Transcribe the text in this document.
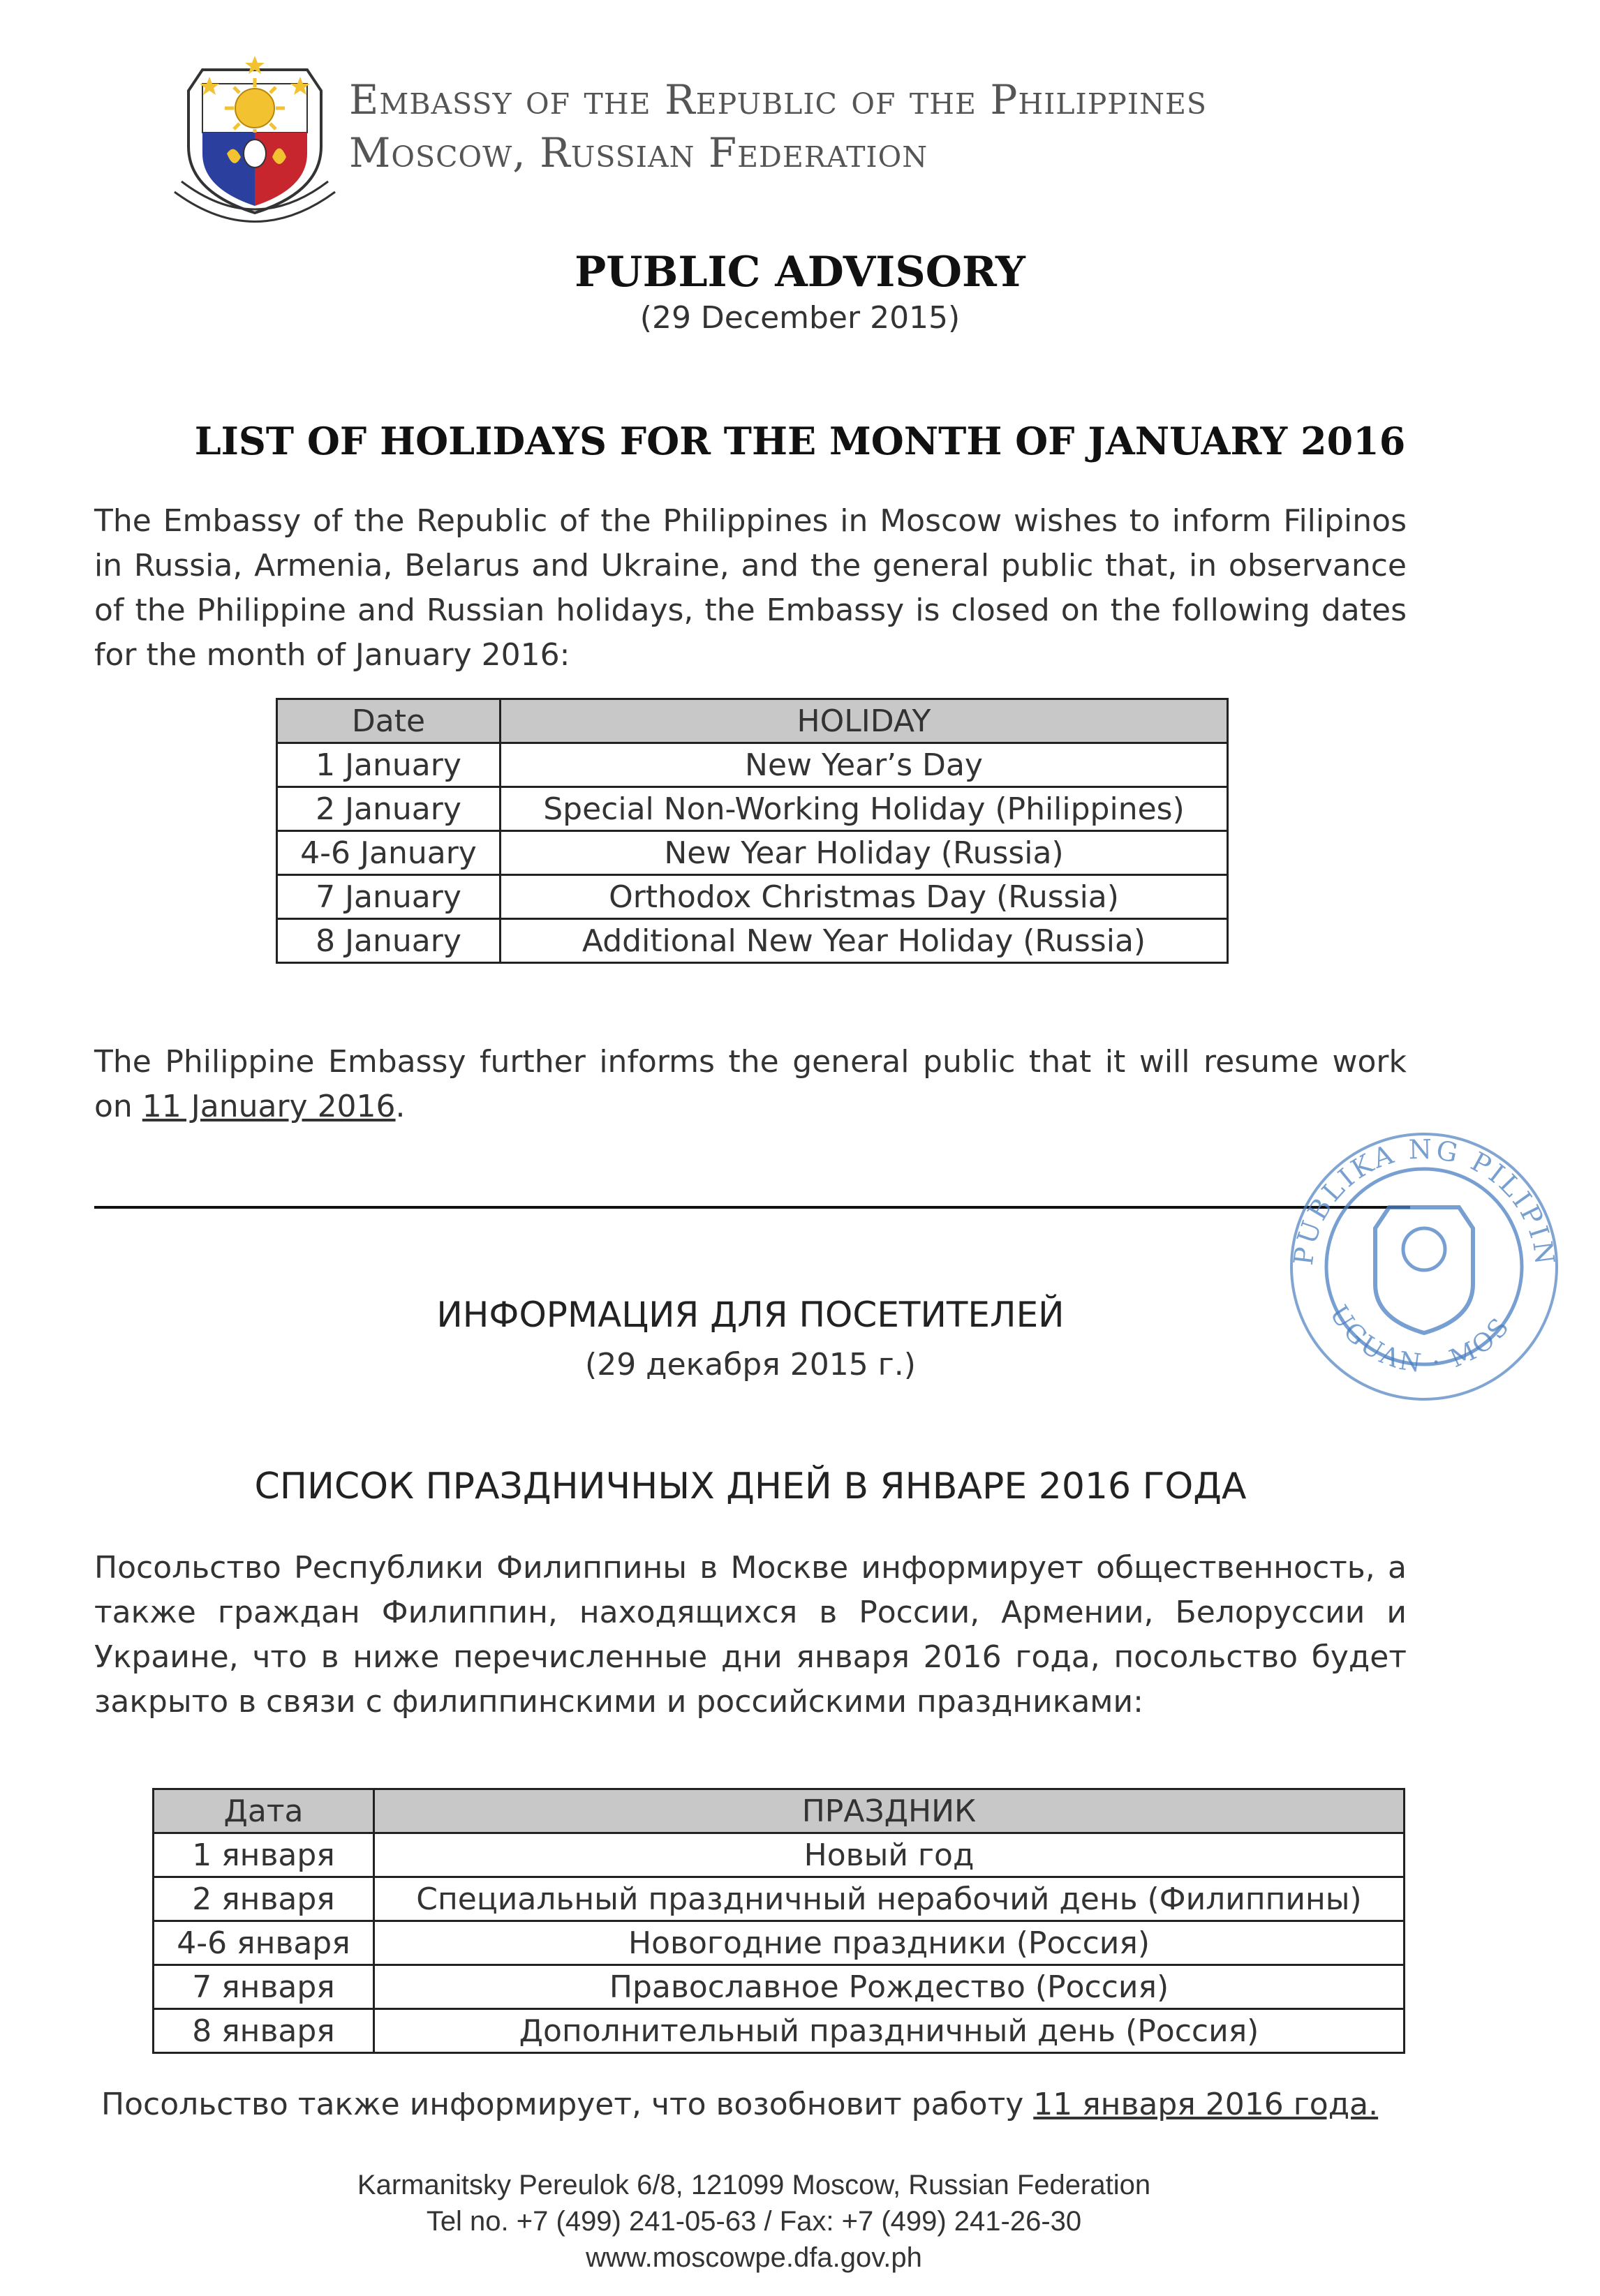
Embassy of the Republic of the Philippines
Moscow, Russian Federation
PUBLIC ADVISORY
(29 December 2015)
LIST OF HOLIDAYS FOR THE MONTH OF JANUARY 2016
The Embassy of the Republic of the Philippines in Moscow wishes to inform Filipinos in Russia, Armenia, Belarus and Ukraine, and the general public that, in observance of the Philippine and Russian holidays, the Embassy is closed on the following dates for the month of January 2016:
Date	HOLIDAY
1 January	New Year’s Day
2 January	Special Non-Working Holiday (Philippines)
4-6 January	New Year Holiday (Russia)
7 January	Orthodox Christmas Day (Russia)
8 January	Additional New Year Holiday (Russia)
The Philippine Embassy further informs the general public that it will resume work on 11 January 2016.
PUBLIKA NG PILIPIN
UGUAN · MOS
ИНФОРМАЦИЯ ДЛЯ ПОСЕТИТЕЛЕЙ
(29 декабря 2015 г.)
СПИСОК ПРАЗДНИЧНЫХ ДНЕЙ В ЯНВАРЕ 2016 ГОДА
Посольство Республики Филиппины в Москве информирует общественность, а также граждан Филиппин, находящихся в России, Армении, Белоруссии и Украине, что в ниже перечисленные дни января 2016 года, посольство будет закрыто в связи с филиппинскими и российскими праздниками:
Дата	ПРАЗДНИК
1 января	Новый год
2 января	Специальный праздничный нерабочий день (Филиппины)
4-6 января	Новогодние праздники (Россия)
7 января	Православное Рождество (Россия)
8 января	Дополнительный праздничный день (Россия)
Посольство также информирует, что возобновит работу 11 января 2016 года.
Karmanitsky Pereulok 6/8, 121099 Moscow, Russian Federation
Tel no. +7 (499) 241-05-63 / Fax: +7 (499) 241-26-30
www.moscowpe.dfa.gov.ph
